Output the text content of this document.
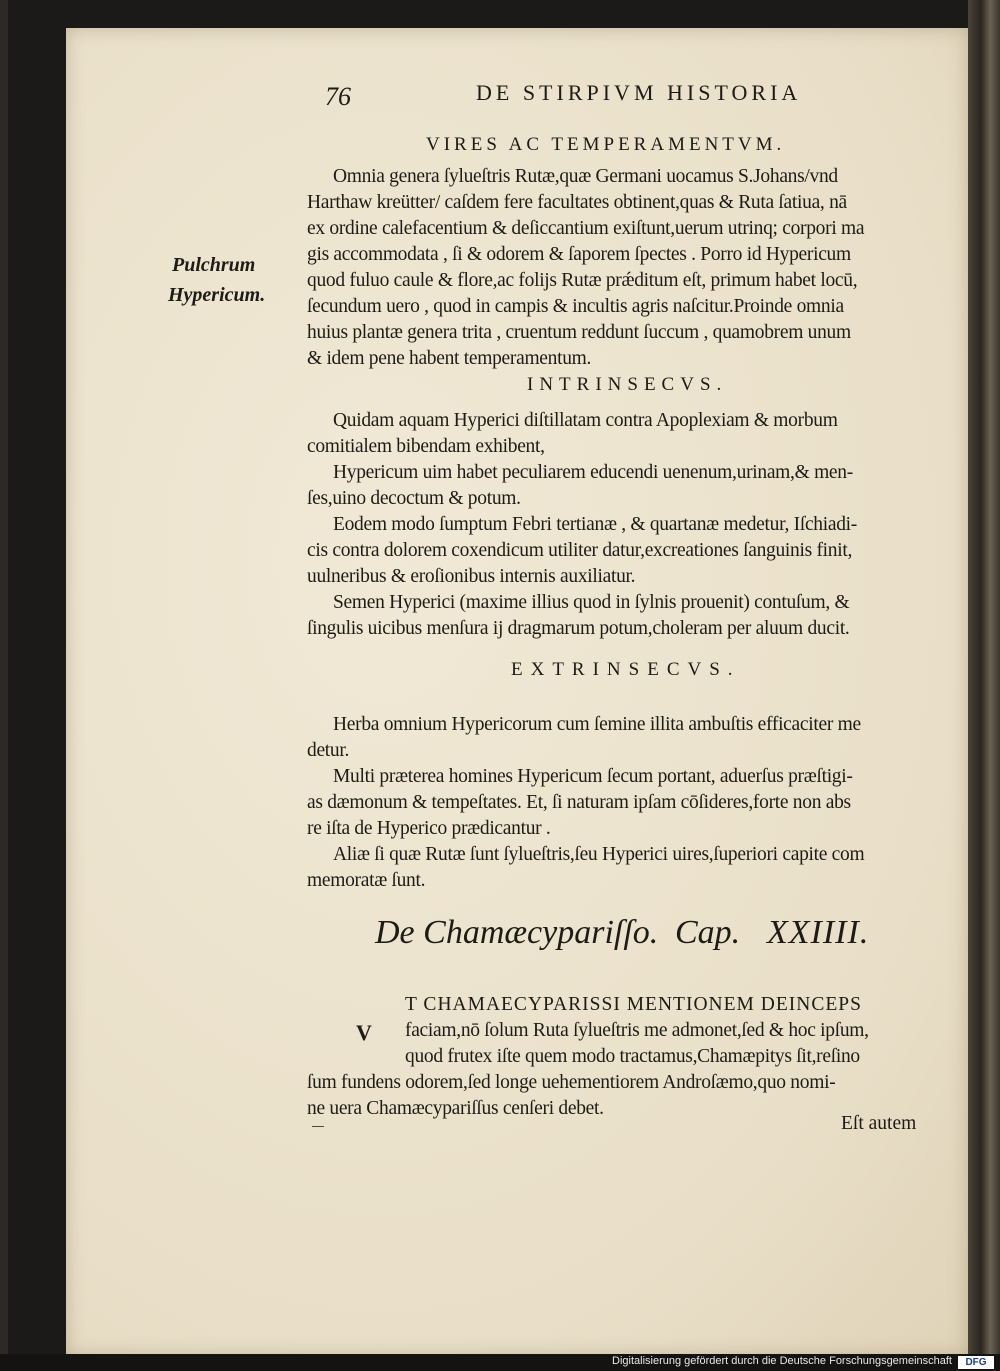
76	DE STIRPIVM HISTORIA
VIRES AC TEMPERAMENTVM.
Pulchrum
Hypericum.
Omnia genera ſylueſtris Rutæ,quæ Germani uocamus S.Johans/vnd
Harthaw kreütter/ caſdem fere facultates obtinent,quas & Ruta ſatiua, nā
ex ordine calefacentium & deſiccantium exiſtunt,uerum utrinq; corpori ma
gis accommodata , ſi & odorem & ſaporem ſpectes . Porro id Hypericum
quod fuluo caule & flore,ac folijs Rutæ prǽditum eſt, primum habet locū,
ſecundum uero , quod in campis & incultis agris naſcitur.Proinde omnia
huius plantæ genera trita , cruentum reddunt ſuccum , quamobrem unum
& idem pene habent temperamentum.
INTRINSECVS.
Quidam aquam Hyperici diſtillatam contra Apoplexiam & morbum
comitialem bibendam exhibent,
Hypericum uim habet peculiarem educendi uenenum,urinam,& men-
ſes,uino decoctum & potum.
Eodem modo ſumptum Febri tertianæ , & quartanæ medetur, Iſchiadi-
cis contra dolorem coxendicum utiliter datur,excreationes ſanguinis finit,
uulneribus & eroſionibus internis auxiliatur.
Semen Hyperici (maxime illius quod in ſylnis prouenit) contuſum, &
ſingulis uicibus menſura ij dragmarum potum,choleram per aluum ducit.
EXTRINSECVS.
Herba omnium Hypericorum cum ſemine illita ambuſtis efficaciter me
detur.
Multi præterea homines Hypericum ſecum portant, aduerſus præſtigi-
as dæmonum & tempeſtates. Et, ſi naturam ipſam cōſideres,forte non abs
re iſta de Hyperico prædicantur .
Aliæ ſi quæ Rutæ ſunt ſylueſtris,ſeu Hyperici uires,ſuperiori capite com
memoratæ ſunt.
De Chamæcypariſſo. Cap. XXIIII.
T CHAMAECYPARISSI MENTIONEM DEINCEPS
V faciam,nō ſolum Ruta ſylueſtris me admonet,ſed & hoc ipſum,
quod frutex iſte quem modo tractamus,Chamæpitys ſit,reſino
ſum fundens odorem,ſed longe uehementiorem Androſæmo,quo nomi-
ne uera Chamæcypariſſus cenſeri debet.
Eſt autem
Digitalisierung gefördert durch die Deutsche Forschungsgemeinschaft	DFG
